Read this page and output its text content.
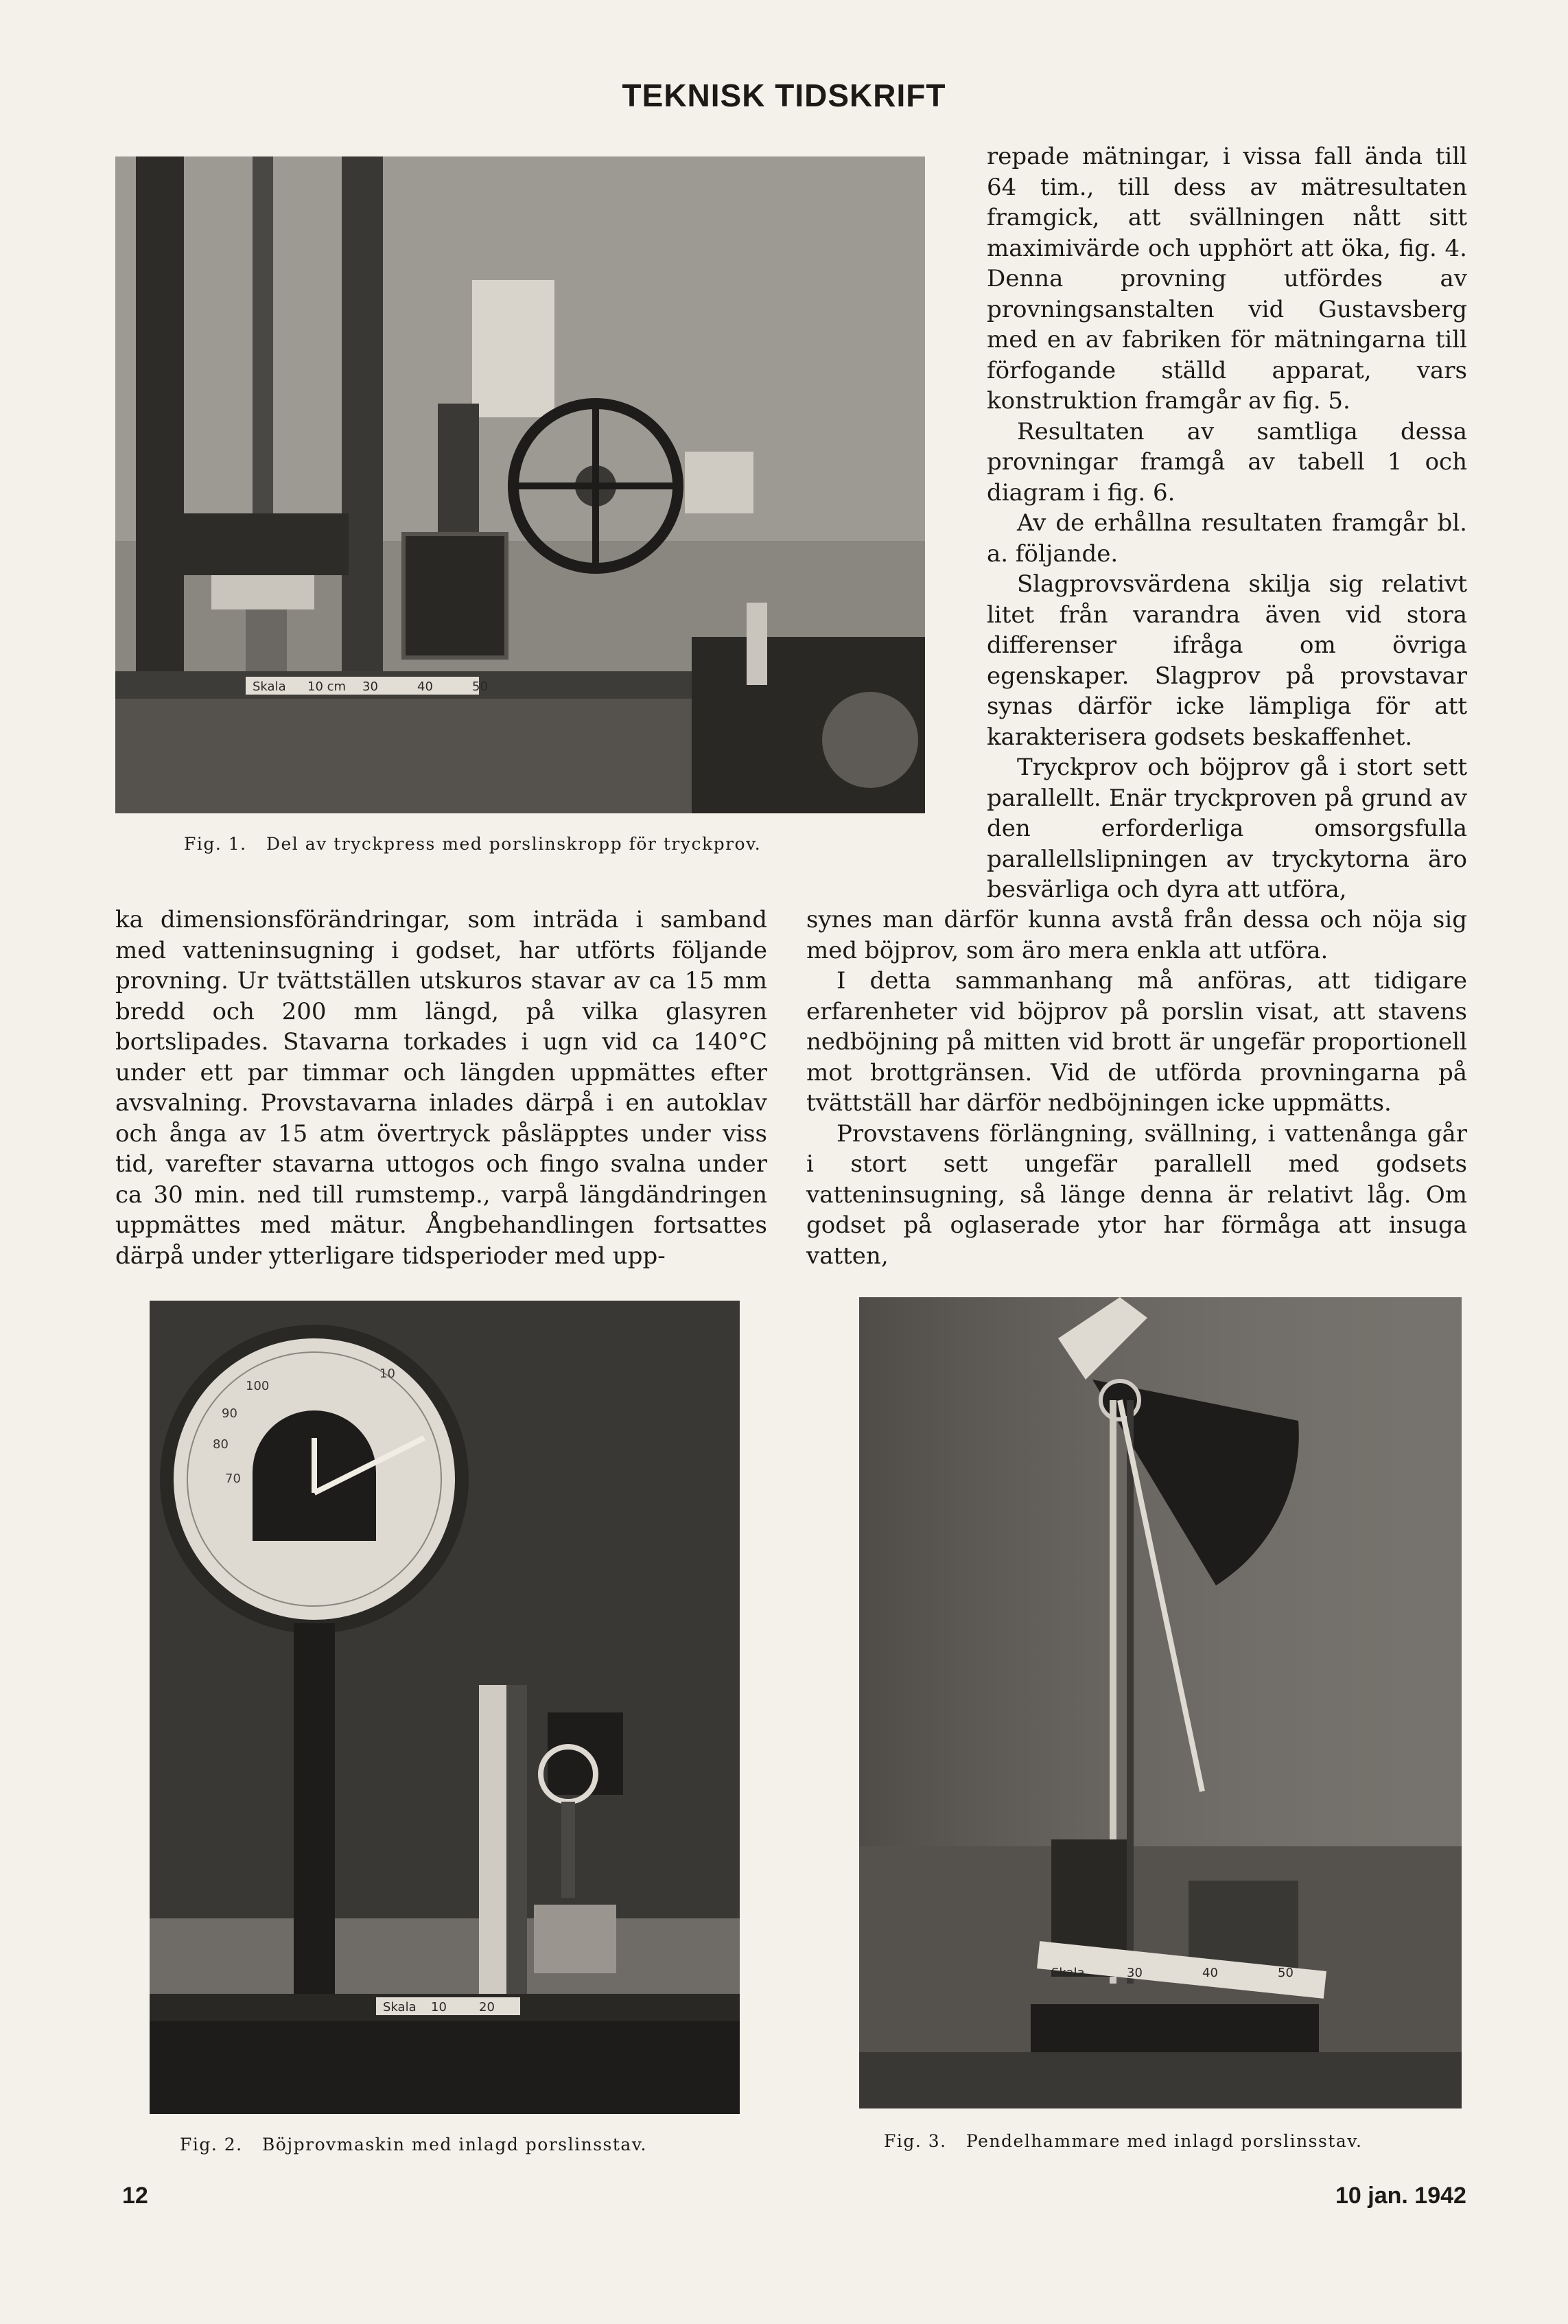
TEKNISK TIDSKRIFT
Skala 10 cm 30	40	50
Fig. 1. Del av tryckpress med porslinskropp för tryckprov.

repade mätningar, i vissa fall ända till 64 tim., till dess av mätresultaten framgick, att svällningen nått sitt maximivärde och upphört att öka, fig. 4. Denna provning utfördes av provningsanstalten vid Gustavsberg med en av fabriken för mätningarna till förfogande ställd apparat, vars konstruktion framgår av fig. 5.

Resultaten av samtliga dessa provningar framgå av tabell 1 och diagram i fig. 6.

Av de erhållna resultaten framgår bl. a. följande.

Slagprovsvärdena skilja sig relativt litet från varandra även vid stora differenser ifråga om övriga egenskaper. Slagprov på provstavar synas därför icke lämpliga för att karakterisera godsets beskaffenhet.

Tryckprov och böjprov gå i stort sett parallellt. Enär tryckproven på grund av den erforderliga omsorgsfulla parallellslipningen av tryckytorna äro besvärliga och dyra att utföra,

ka dimensionsförändringar, som inträda i samband med vatteninsugning i godset, har utförts följande provning. Ur tvättställen utskuros stavar av ca 15 mm bredd och 200 mm längd, på vilka glasyren bortslipades. Stavarna torkades i ugn vid ca 140°C under ett par timmar och längden uppmättes efter avsvalning. Provstavarna inlades därpå i en autoklav och ånga av 15 atm övertryck påsläpptes under viss tid, varefter stavarna uttogos och fingo svalna under ca 30 min. ned till rumstemp., varpå längdändringen uppmättes med mätur. Ångbehandlingen fortsattes därpå under ytterligare tidsperioder med upp-

synes man därför kunna avstå från dessa och nöja sig med böjprov, som äro mera enkla att utföra.

I detta sammanhang må anföras, att tidigare erfarenheter vid böjprov på porslin visat, att stavens nedböjning på mitten vid brott är ungefär proportionell mot brottgränsen. Vid de utförda provningarna på tvättställ har därför nedböjningen icke uppmätts.

Provstavens förlängning, svällning, i vattenånga går i stort sett ungefär parallell med godsets vatteninsugning, så länge denna är relativt låg. Om godset på oglaserade ytor har förmåga att insuga vatten,

Skala 10	20
100
90
80
70
10
Fig. 2. Böjprovmaskin med inlagd porslinsstav.
Skala	30	40	50
Fig. 3. Pendelhammare med inlagd porslinsstav.
12	10 jan. 1942
